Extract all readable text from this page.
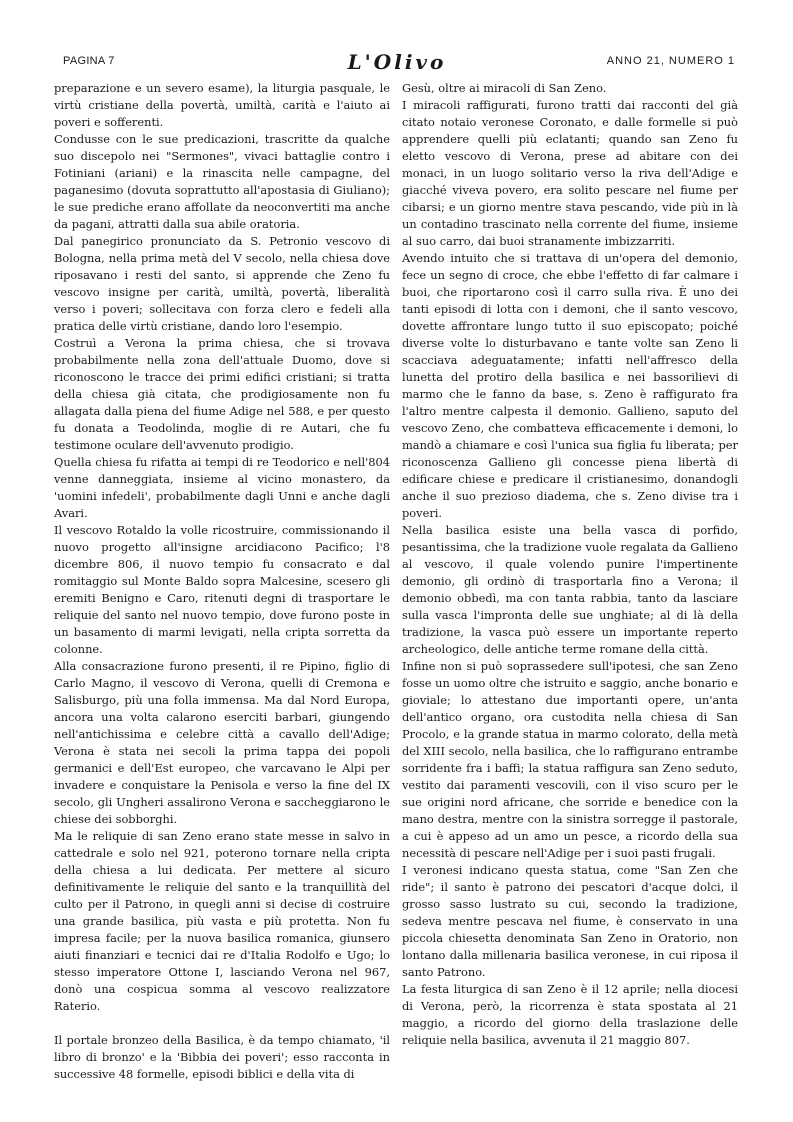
PAGINA 7	L'Olivo	ANNO 21, NUMERO 1

preparazione e un severo esame), la liturgia pasquale, le virtù cristiane della povertà, umiltà, carità e l'aiuto ai poveri e sofferenti.

Condusse con le sue predicazioni, trascritte da qualche suo discepolo nei "Sermones", vivaci battaglie contro i Fotiniani (ariani) e la rinascita nelle campagne, del paganesimo (dovuta soprattutto all'apostasia di Giuliano); le sue prediche erano affollate da neoconvertiti ma anche da pagani, attratti dalla sua abile oratoria.

Dal panegirico pronunciato da S. Petronio vescovo di Bologna, nella prima metà del V secolo, nella chiesa dove riposavano i resti del santo, si apprende che Zeno fu vescovo insigne per carità, umiltà, povertà, liberalità verso i poveri; sollecitava con forza clero e fedeli alla pratica delle virtù cristiane, dando loro l'esempio.

Costruì a Verona la prima chiesa, che si trovava probabilmente nella zona dell'attuale Duomo, dove si riconoscono le tracce dei primi edifici cristiani; si tratta della chiesa già citata, che prodigiosamente non fu allagata dalla piena del fiume Adige nel 588, e per questo fu donata a Teodolinda, moglie di re Autari, che fu testimone oculare dell'avvenuto prodigio.

Quella chiesa fu rifatta ai tempi di re Teodorico e nell'804 venne danneggiata, insieme al vicino monastero, da 'uomini infedeli', probabilmente dagli Unni e anche dagli Avari.

Il vescovo Rotaldo la volle ricostruire, commissionando il nuovo progetto all'insigne arcidiacono Pacifico; l'8 dicembre 806, il nuovo tempio fu consacrato e dal romitaggio sul Monte Baldo sopra Malcesine, scesero gli eremiti Benigno e Caro, ritenuti degni di trasportare le reliquie del santo nel nuovo tempio, dove furono poste in un basamento di marmi levigati, nella cripta sorretta da colonne.

Alla consacrazione furono presenti, il re Pipino, figlio di Carlo Magno, il vescovo di Verona, quelli di Cremona e Salisburgo, più una folla immensa. Ma dal Nord Europa, ancora una volta calarono eserciti barbari, giungendo nell'antichissima e celebre città a cavallo dell'Adige; Verona è stata nei secoli la prima tappa dei popoli germanici e dell'Est europeo, che varcavano le Alpi per invadere e conquistare la Penisola e verso la fine del IX secolo, gli Ungheri assalirono Verona e saccheggiarono le chiese dei sobborghi.

Ma le reliquie di san Zeno erano state messe in salvo in cattedrale e solo nel 921, poterono tornare nella cripta della chiesa a lui dedicata. Per mettere al sicuro definitivamente le reliquie del santo e la tranquillità del culto per il Patrono, in quegli anni si decise di costruire una grande basilica, più vasta e più protetta. Non fu impresa facile; per la nuova basilica romanica, giunsero aiuti finanziari e tecnici dai re d'Italia Rodolfo e Ugo; lo stesso imperatore Ottone I, lasciando Verona nel 967, donò una cospicua somma al vescovo realizzatore Raterio.

Il portale bronzeo della Basilica, è da tempo chiamato, 'il libro di bronzo' e la 'Bibbia dei poveri'; esso racconta in successive 48 formelle, episodi biblici e della vita di

Gesù, oltre ai miracoli di San Zeno.

I miracoli raffigurati, furono tratti dai racconti del già citato notaio veronese Coronato, e dalle formelle si può apprendere quelli più eclatanti; quando san Zeno fu eletto vescovo di Verona, prese ad abitare con dei monaci, in un luogo solitario verso la riva dell'Adige e giacché viveva povero, era solito pescare nel fiume per cibarsi; e un giorno mentre stava pescando, vide più in là un contadino trascinato nella corrente del fiume, insieme al suo carro, dai buoi stranamente imbizzarriti.

Avendo intuito che si trattava di un'opera del demonio, fece un segno di croce, che ebbe l'effetto di far calmare i buoi, che riportarono così il carro sulla riva. È uno dei tanti episodi di lotta con i demoni, che il santo vescovo, dovette affrontare lungo tutto il suo episcopato; poiché diverse volte lo disturbavano e tante volte san Zeno li scacciava adeguatamente; infatti nell'affresco della lunetta del protiro della basilica e nei bassorilievi di marmo che le fanno da base, s. Zeno è raffigurato fra l'altro mentre calpesta il demonio. Gallieno, saputo del vescovo Zeno, che combatteva efficacemente i demoni, lo mandò a chiamare e così l'unica sua figlia fu liberata; per riconoscenza Gallieno gli concesse piena libertà di edificare chiese e predicare il cristianesimo, donandogli anche il suo prezioso diadema, che s. Zeno divise tra i poveri.

Nella basilica esiste una bella vasca di porfido, pesantissima, che la tradizione vuole regalata da Gallieno al vescovo, il quale volendo punire l'impertinente demonio, gli ordinò di trasportarla fino a Verona; il demonio obbedì, ma con tanta rabbia, tanto da lasciare sulla vasca l'impronta delle sue unghiate; al di là della tradizione, la vasca può essere un importante reperto archeologico, delle antiche terme romane della città.

Infine non si può soprassedere sull'ipotesi, che san Zeno fosse un uomo oltre che istruito e saggio, anche bonario e gioviale; lo attestano due importanti opere, un'anta dell'antico organo, ora custodita nella chiesa di San Procolo, e la grande statua in marmo colorato, della metà del XIII secolo, nella basilica, che lo raffigurano entrambe sorridente fra i baffi; la statua raffigura san Zeno seduto, vestito dai paramenti vescovili, con il viso scuro per le sue origini nord africane, che sorride e benedice con la mano destra, mentre con la sinistra sorregge il pastorale, a cui è appeso ad un amo un pesce, a ricordo della sua necessità di pescare nell'Adige per i suoi pasti frugali.

I veronesi indicano questa statua, come "San Zen che ride"; il santo è patrono dei pescatori d'acque dolci, il grosso sasso lustrato su cui, secondo la tradizione, sedeva mentre pescava nel fiume, è conservato in una piccola chiesetta denominata San Zeno in Oratorio, non lontano dalla millenaria basilica veronese, in cui riposa il santo Patrono.

La festa liturgica di san Zeno è il 12 aprile; nella diocesi di Verona, però, la ricorrenza è stata spostata al 21 maggio, a ricordo del giorno della traslazione delle reliquie nella basilica, avvenuta il 21 maggio 807.
